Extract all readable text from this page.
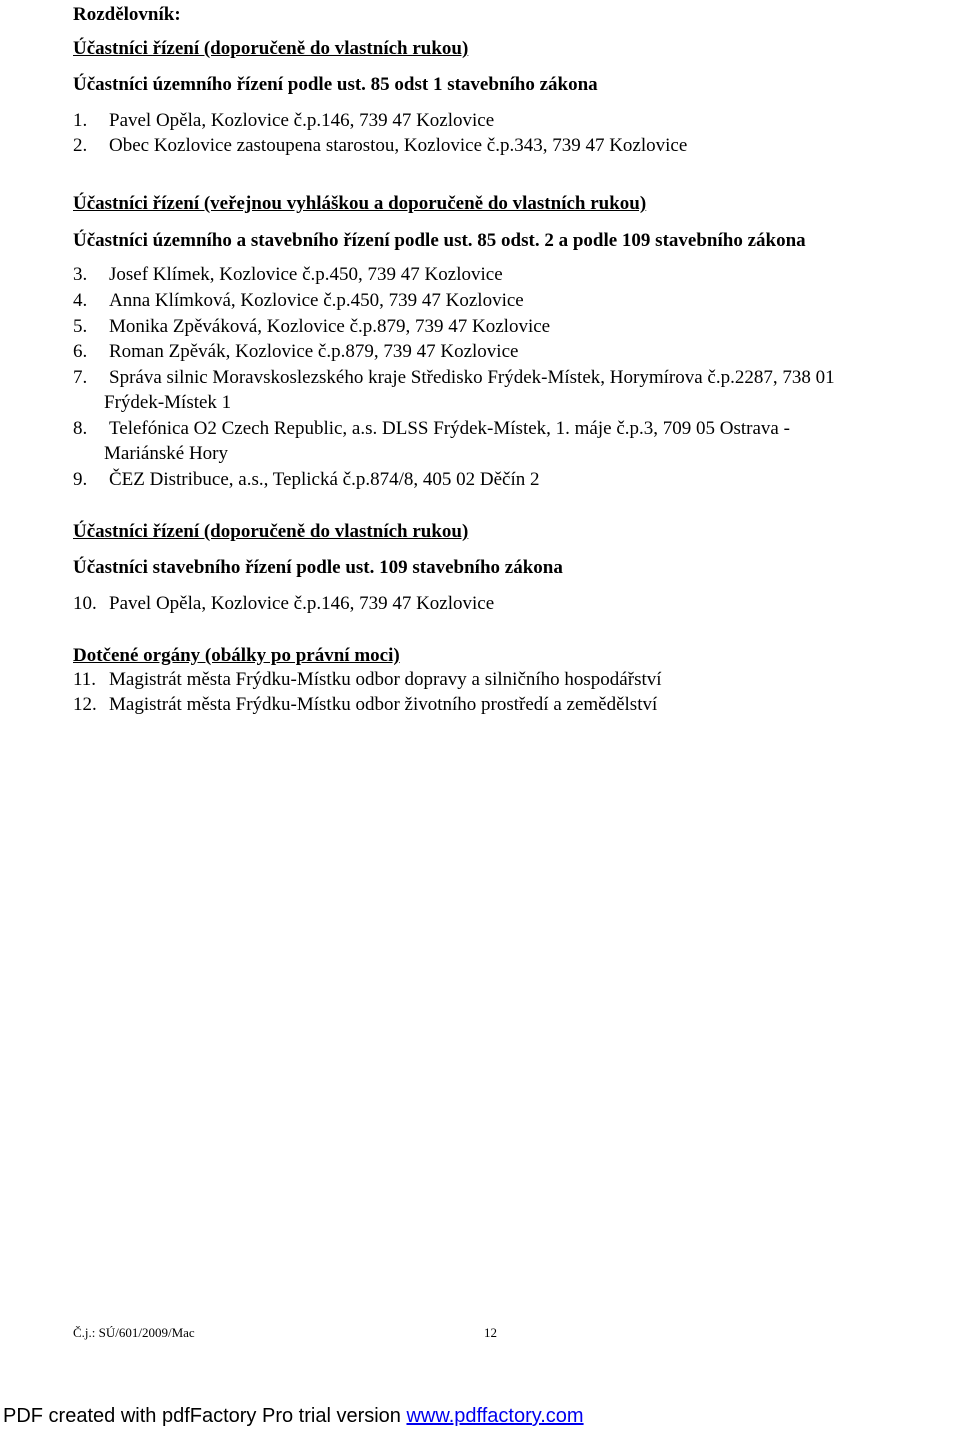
Rozdělovník:
Účastníci řízení (doporučeně do vlastních rukou)
Účastníci územního řízení podle ust. 85 odst 1 stavebního zákona
1. Pavel Opěla, Kozlovice č.p.146, 739 47 Kozlovice
2. Obec Kozlovice zastoupena starostou, Kozlovice č.p.343, 739 47 Kozlovice
Účastníci řízení (veřejnou vyhláškou a doporučeně do vlastních rukou)
Účastníci územního a stavebního řízení podle ust. 85 odst. 2 a podle 109 stavebního zákona
3. Josef Klímek, Kozlovice č.p.450, 739 47 Kozlovice
4. Anna Klímková, Kozlovice č.p.450, 739 47 Kozlovice
5. Monika Zpěváková, Kozlovice č.p.879, 739 47 Kozlovice
6. Roman Zpěvák, Kozlovice č.p.879, 739 47 Kozlovice
7. Správa silnic Moravskoslezského kraje Středisko Frýdek-Místek, Horymírova č.p.2287, 738 01
Frýdek-Místek 1
8. Telefónica O2 Czech Republic, a.s. DLSS Frýdek-Místek, 1. máje č.p.3, 709 05 Ostrava -
Mariánské Hory
9. ČEZ Distribuce, a.s., Teplická č.p.874/8, 405 02 Děčín 2
Účastníci řízení (doporučeně do vlastních rukou)
Účastníci stavebního řízení podle ust. 109 stavebního zákona
10. Pavel Opěla, Kozlovice č.p.146, 739 47 Kozlovice
Dotčené orgány (obálky po právní moci)
11. Magistrát města Frýdku-Místku odbor dopravy a silničního hospodářství
12. Magistrát města Frýdku-Místku odbor životního prostředí a zemědělství
Č.j.: SÚ/601/2009/Mac	12
PDF created with pdfFactory Pro trial version www.pdffactory.com
